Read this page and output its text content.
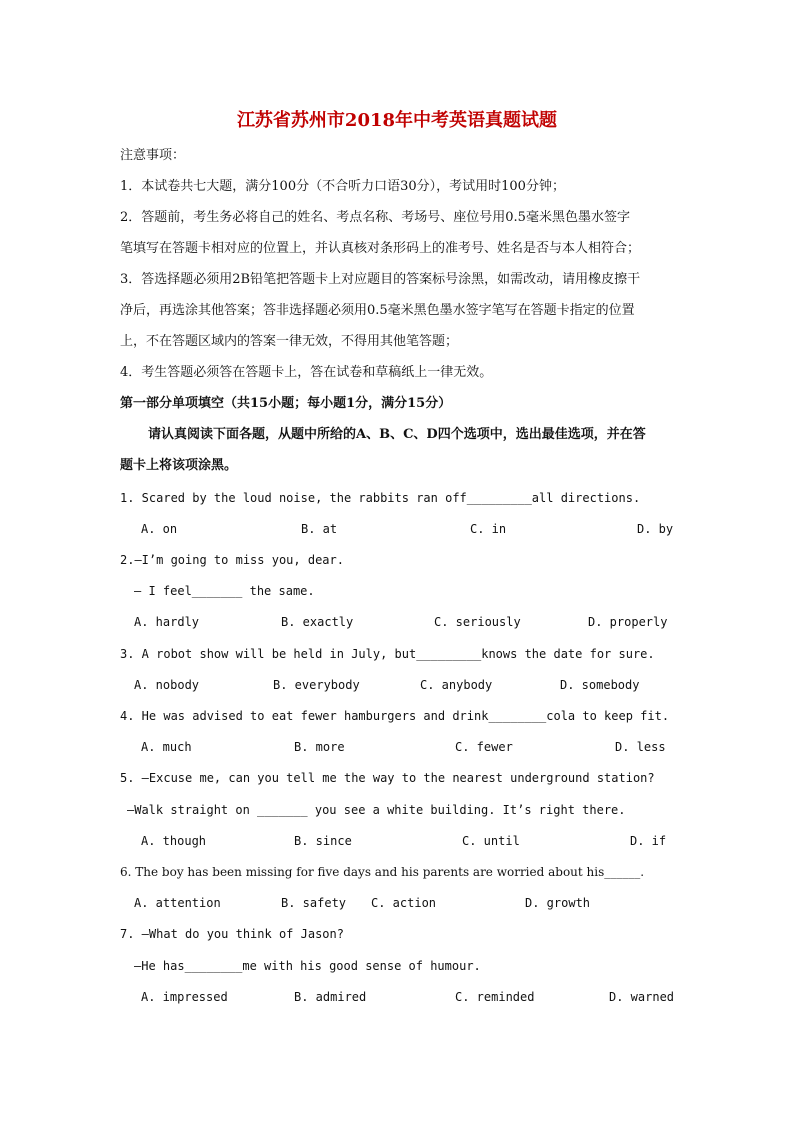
江苏省苏州市2018年中考英语真题试题
注意事项：
1．本试卷共七大题，满分100分（不合听力口语30分），考试用时100分钟；
2．答题前，考生务必将自己的姓名、考点名称、考场号、座位号用0.5毫米黑色墨水签字
笔填写在答题卡相对应的位置上，并认真核对条形码上的准考号、姓名是否与本人相符合；
3．答选择题必须用2B铅笔把答题卡上对应题目的答案标号涂黑，如需改动，请用橡皮擦干
净后，再选涂其他答案；答非选择题必须用0.5毫米黑色墨水签字笔写在答题卡指定的位置
上，不在答题区域内的答案一律无效，不得用其他笔答题；
4．考生答题必须答在答题卡上，答在试卷和草稿纸上一律无效。
第一部分单项填空（共15小题；每小题1分，满分15分）
请认真阅读下面各题，从题中所给的A、B、C、D四个选项中，选出最佳选项，并在答
题卡上将该项涂黑。
1. Scared by the loud noise, the rabbits ran off_________all directions.
A. on	B. at	C. in	D. by
2.—I’m going to miss you, dear.
— I feel_______ the same.
A. hardly	B. exactly	C. seriously	D. properly
3. A robot show will be held in July, but_________knows the date for sure.
A. nobody	B. everybody	C. anybody	D. somebody
4. He was advised to eat fewer hamburgers and drink________cola to keep fit.
A. much	B. more	C. fewer	D. less
5. —Excuse me, can you tell me the way to the nearest underground station?
—Walk straight on _______ you see a white building. It’s right there.
A. though	B. since	C. until	D. if
6. The boy has been missing for five days and his parents are worried about his______.
A. attention	B. safety C. action	D. growth
7. —What do you think of Jason?
—He has________me with his good sense of humour.
A. impressed	B. admired	C. reminded	D. warned
